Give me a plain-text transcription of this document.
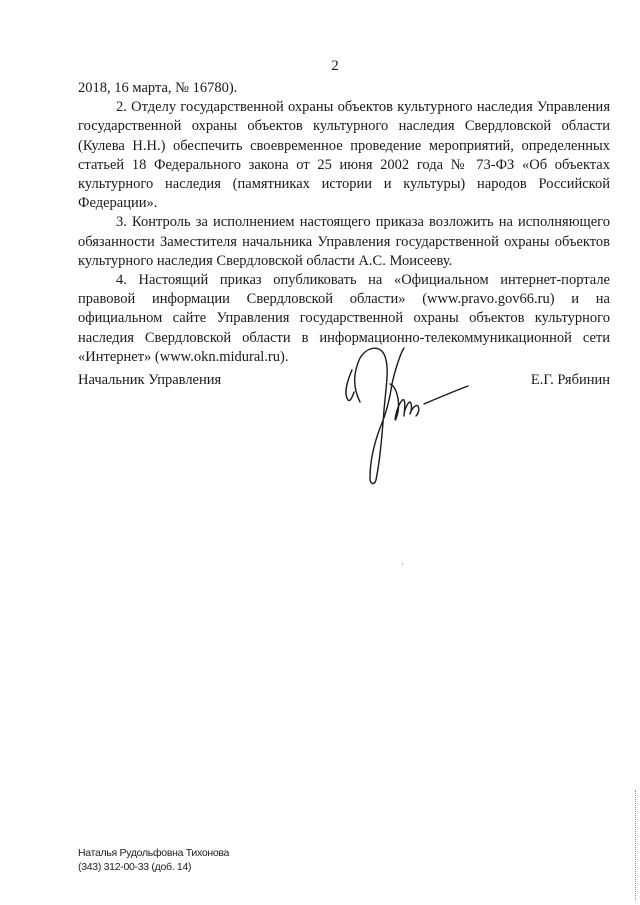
2

2018, 16 марта, № 16780).

2. Отделу государственной охраны объектов культурного наследия Управления государственной охраны объектов культурного наследия Свердловской области (Кулева Н.Н.) обеспечить своевременное проведение мероприятий, определенных статьей 18 Федерального закона от 25 июня 2002 года № 73-ФЗ «Об объектах культурного наследия (памятниках истории и культуры) народов Российской Федерации».

3. Контроль за исполнением настоящего приказа возложить на исполняющего обязанности Заместителя начальника Управления государственной охраны объектов культурного наследия Свердловской области А.С. Моисееву.

4. Настоящий приказ опубликовать на «Официальном интернет-портале правовой информации Свердловской области» (www.pravo.gov66.ru) и на официальном сайте Управления государственной охраны объектов культурного наследия Свердловской области в информационно-телекоммуникационной сети «Интернет» (www.okn.midural.ru).

Начальник Управления	Е.Г. Рябинин
Наталья Рудольфовна Тихонова
(343) 312-00-33 (доб. 14)
